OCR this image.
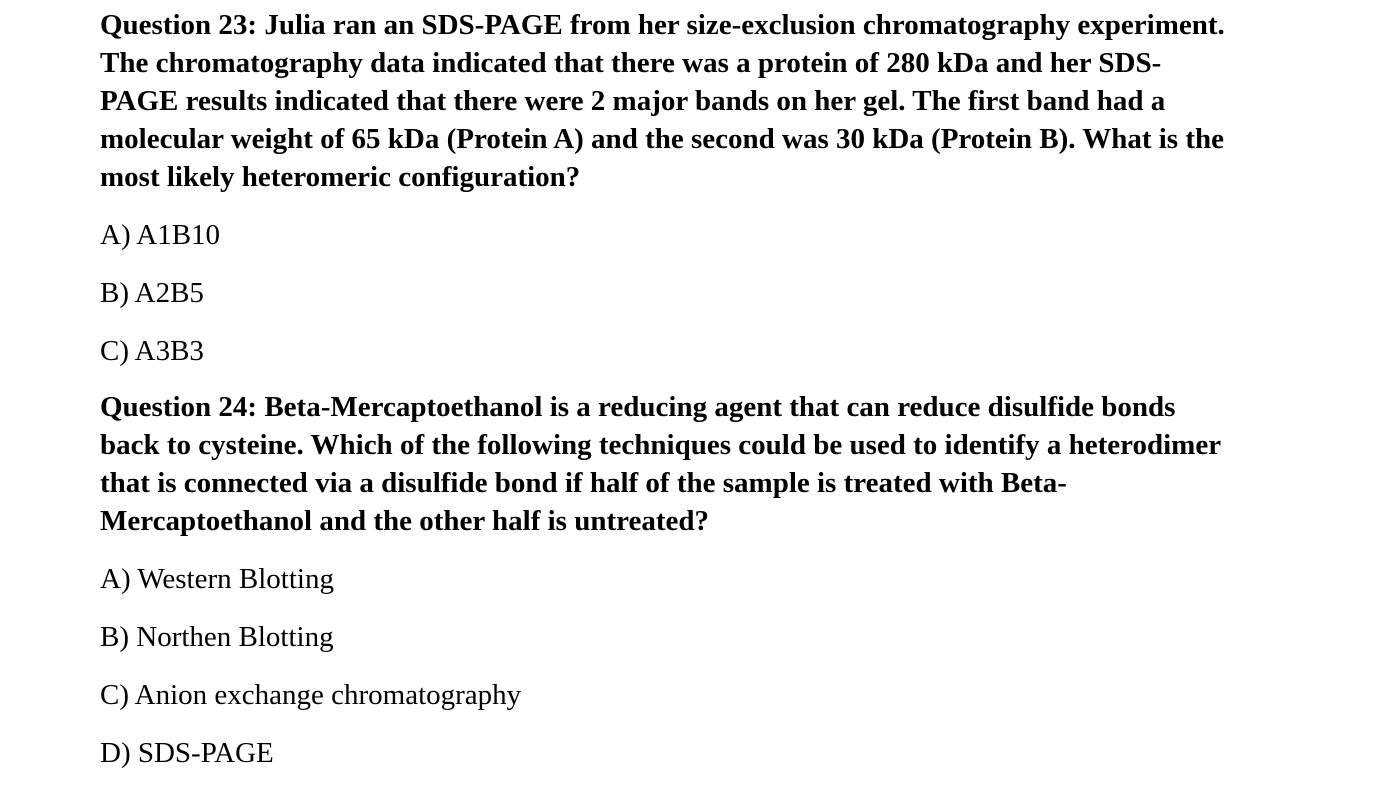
Question 23: Julia ran an SDS-PAGE from her size-exclusion chromatography experiment.
The chromatography data indicated that there was a protein of 280 kDa and her SDS-
PAGE results indicated that there were 2 major bands on her gel. The first band had a
molecular weight of 65 kDa (Protein A) and the second was 30 kDa (Protein B). What is the
most likely heteromeric configuration?

A) A1B10
B) A2B5
C) A3B3

Question 24: Beta-Mercaptoethanol is a reducing agent that can reduce disulfide bonds
back to cysteine. Which of the following techniques could be used to identify a heterodimer
that is connected via a disulfide bond if half of the sample is treated with Beta-
Mercaptoethanol and the other half is untreated?

A) Western Blotting
B) Northen Blotting
C) Anion exchange chromatography
D) SDS-PAGE
